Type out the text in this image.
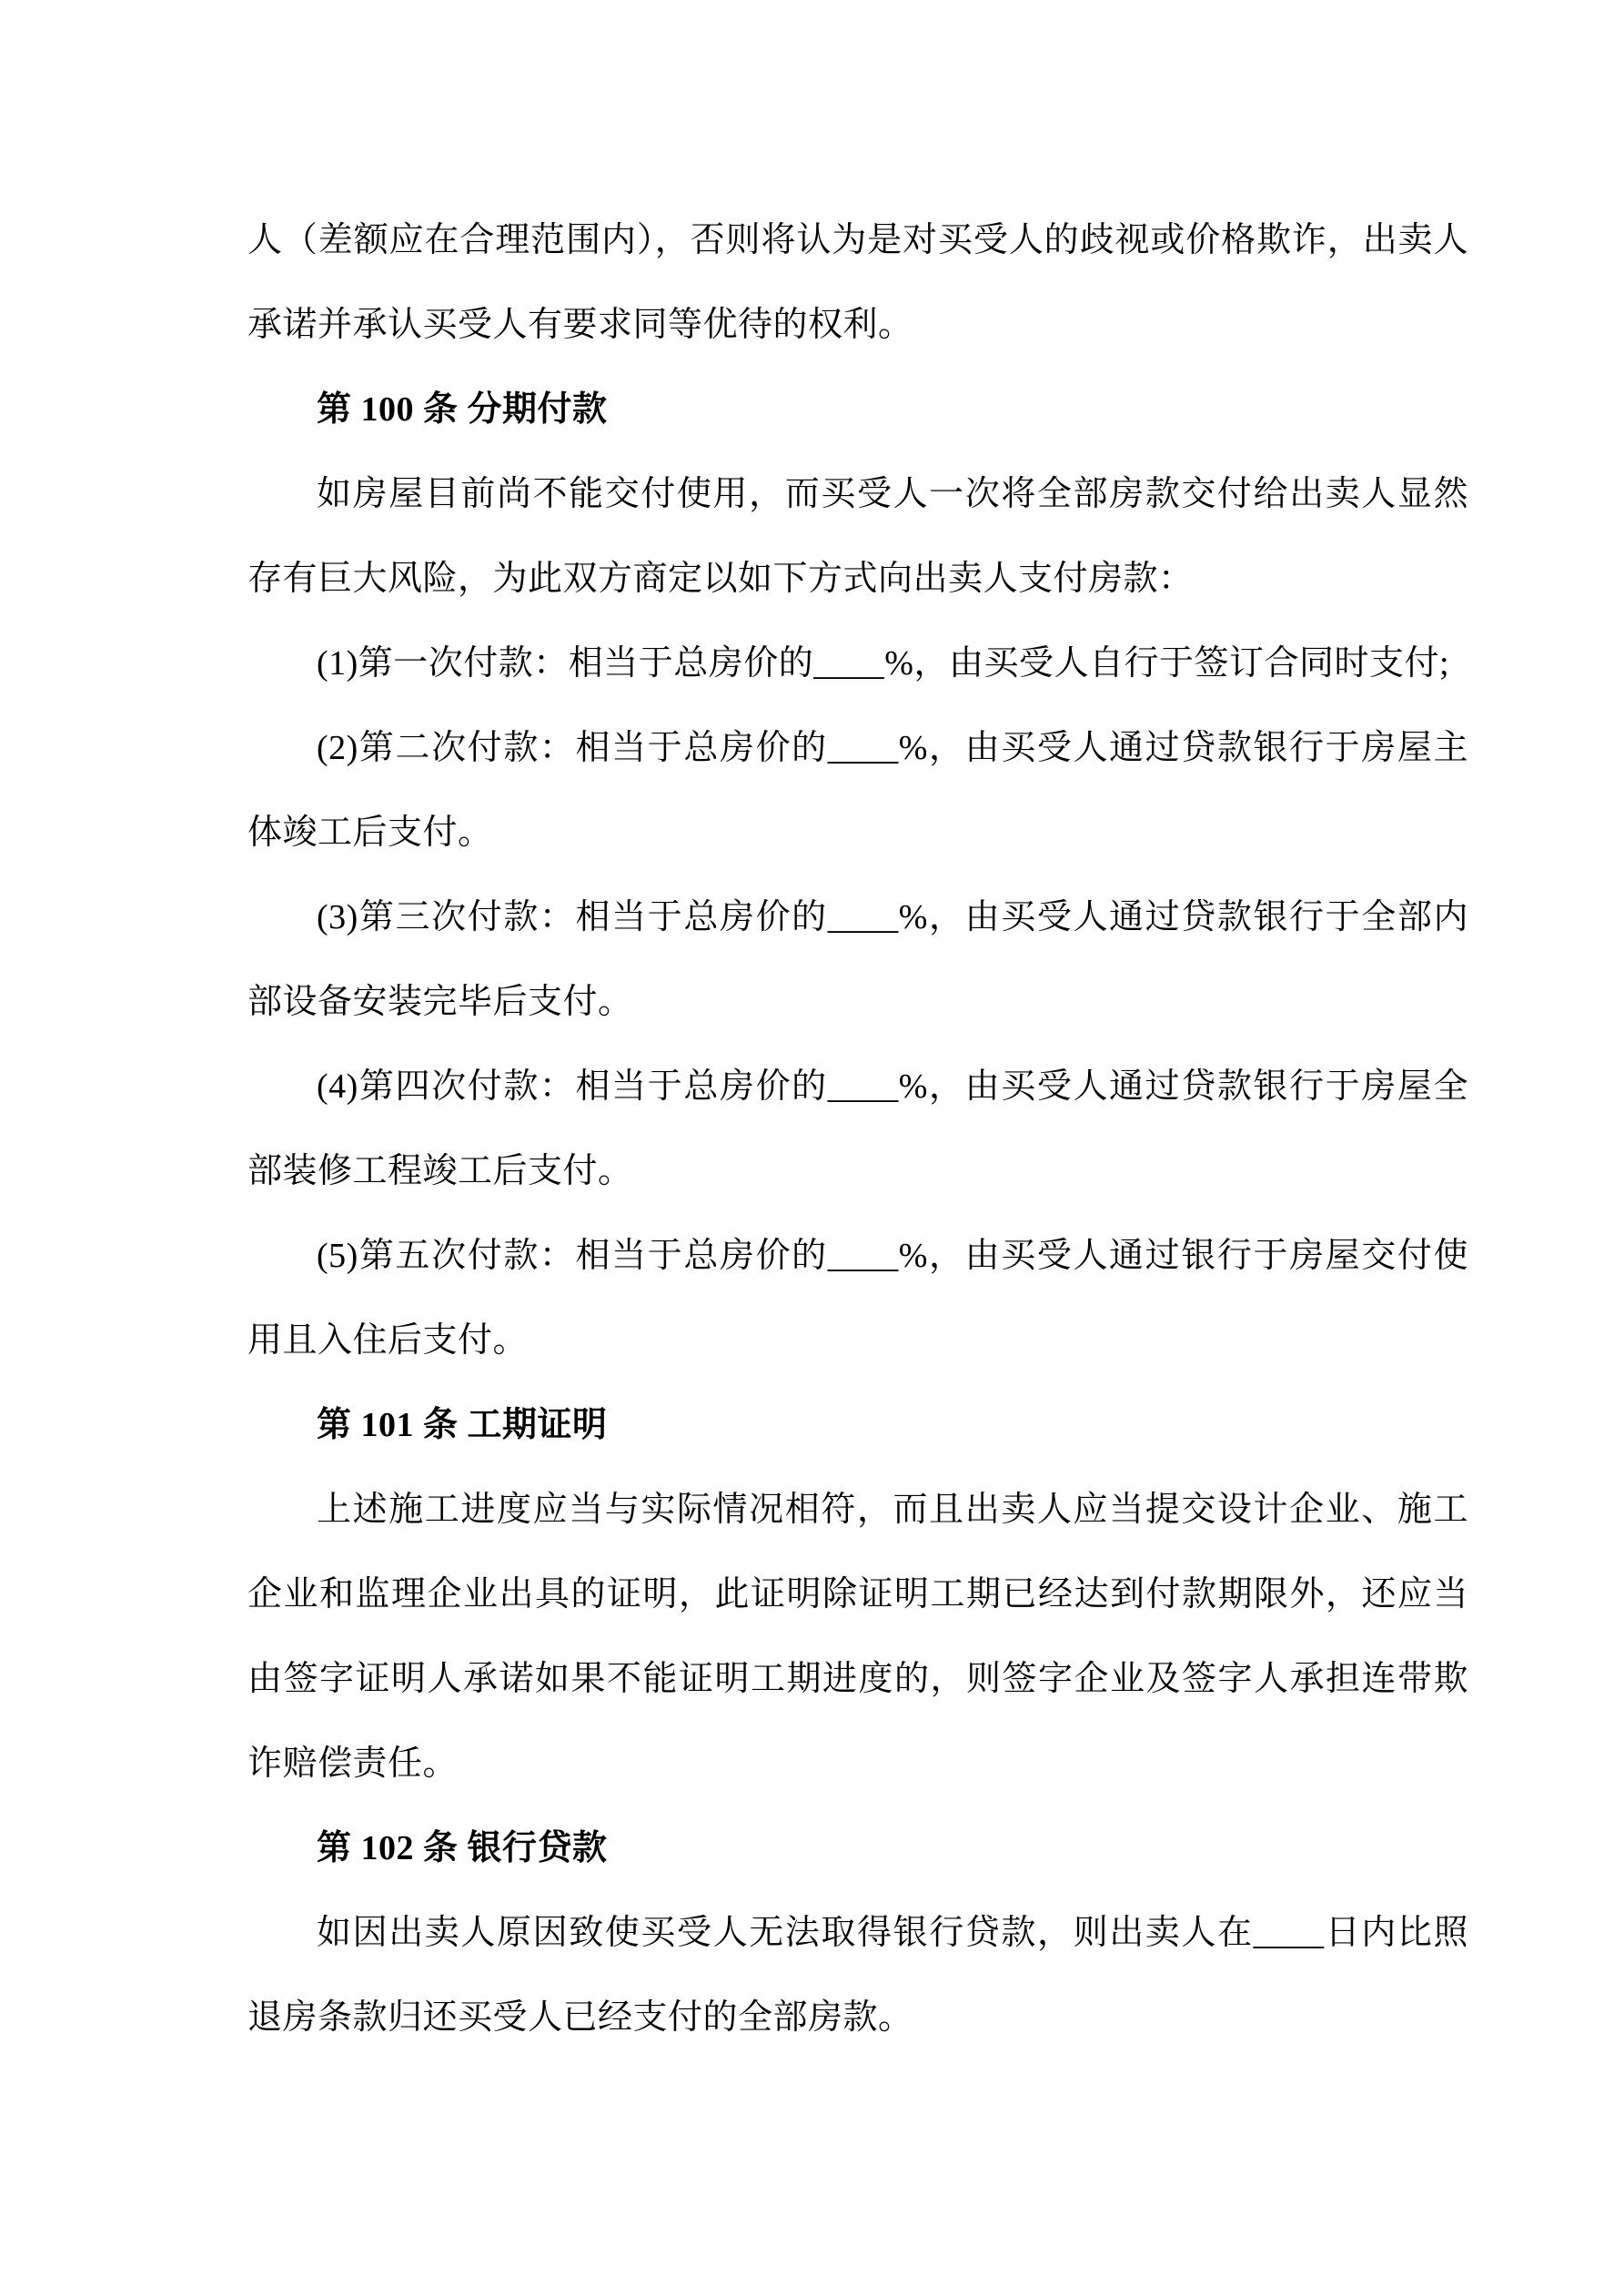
人（差额应在合理范围内），否则将认为是对买受人的歧视或价格欺诈，出卖人承诺并承认买受人有要求同等优待的权利。

第 100 条 分期付款

如房屋目前尚不能交付使用，而买受人一次将全部房款交付给出卖人显然存有巨大风险，为此双方商定以如下方式向出卖人支付房款：

(1)第一次付款：相当于总房价的____%，由买受人自行于签订合同时支付;

(2)第二次付款：相当于总房价的____%，由买受人通过贷款银行于房屋主体竣工后支付。

(3)第三次付款：相当于总房价的____%，由买受人通过贷款银行于全部内部设备安装完毕后支付。

(4)第四次付款：相当于总房价的____%，由买受人通过贷款银行于房屋全部装修工程竣工后支付。

(5)第五次付款：相当于总房价的____%，由买受人通过银行于房屋交付使用且入住后支付。

第 101 条 工期证明

上述施工进度应当与实际情况相符，而且出卖人应当提交设计企业、施工企业和监理企业出具的证明，此证明除证明工期已经达到付款期限外，还应当由签字证明人承诺如果不能证明工期进度的，则签字企业及签字人承担连带欺诈赔偿责任。

第 102 条 银行贷款

如因出卖人原因致使买受人无法取得银行贷款，则出卖人在____日内比照退房条款归还买受人已经支付的全部房款。
